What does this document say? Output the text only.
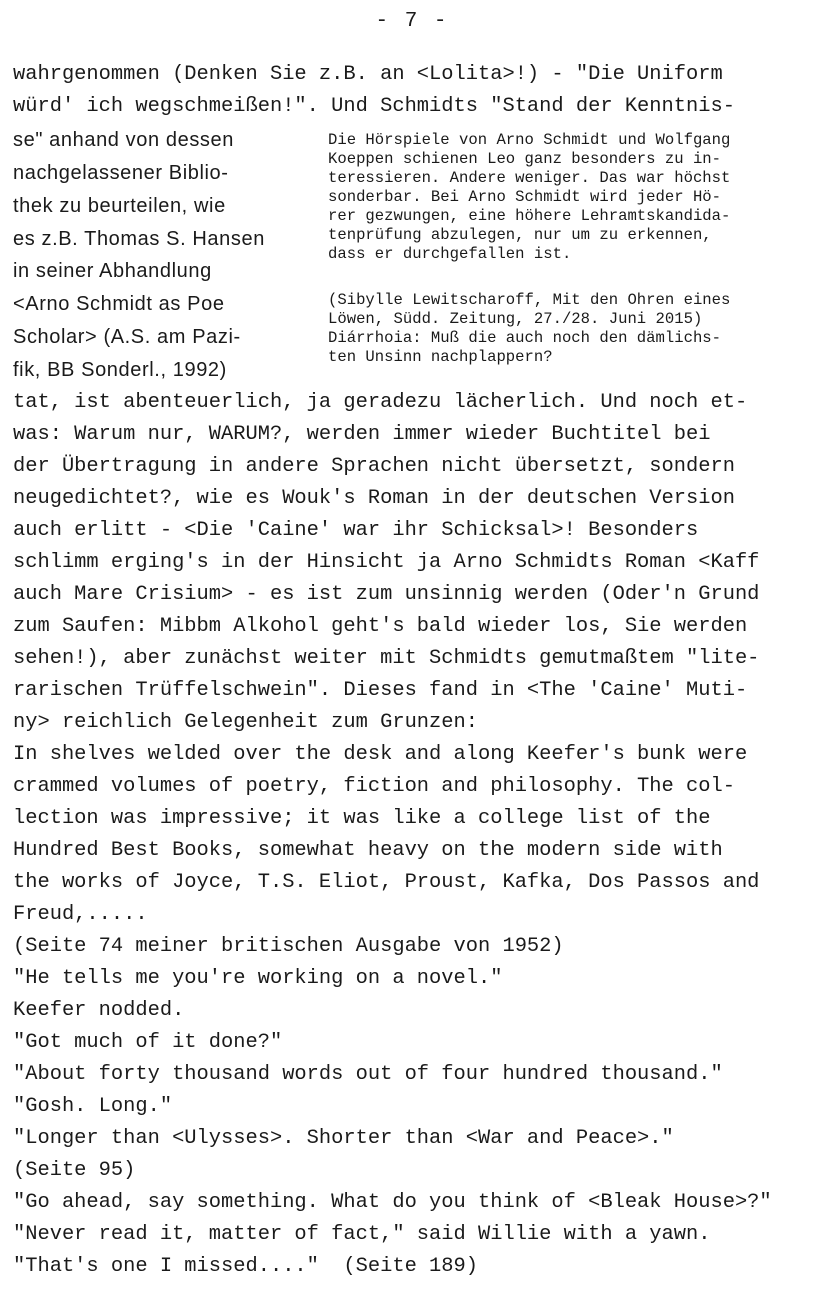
- 7 -
wahrgenommen (Denken Sie z.B. an <Lolita>!) - "Die Uniform
würd' ich wegschmeißen!". Und Schmidts "Stand der Kenntnis-
se" anhand von dessen
nachgelassener Biblio-
thek zu beurteilen, wie
es z.B. Thomas S. Hansen
in seiner Abhandlung
<Arno Schmidt as Poe
Scholar> (A.S. am Pazi-
fik, BB Sonderl., 1992)
Die Hörspiele von Arno Schmidt und Wolfgang
Koeppen schienen Leo ganz besonders zu in-
teressieren. Andere weniger. Das war höchst
sonderbar. Bei Arno Schmidt wird jeder Hö-
rer gezwungen, eine höhere Lehramtskandida-
tenprüfung abzulegen, nur um zu erkennen,
dass er durchgefallen ist.
(Sibylle Lewitscharoff, Mit den Ohren eines
Löwen, Südd. Zeitung, 27./28. Juni 2015)
Diárrhoia: Muß die auch noch den dämlichs-
ten Unsinn nachplappern?
tat, ist abenteuerlich, ja geradezu lächerlich. Und noch et-
was: Warum nur, WARUM?, werden immer wieder Buchtitel bei
der Übertragung in andere Sprachen nicht übersetzt, sondern
neugedichtet?, wie es Wouk's Roman in der deutschen Version
auch erlitt - <Die 'Caine' war ihr Schicksal>! Besonders
schlimm erging's in der Hinsicht ja Arno Schmidts Roman <Kaff
auch Mare Crisium> - es ist zum unsinnig werden (Oder'n Grund
zum Saufen: Mibbm Alkohol geht's bald wieder los, Sie werden
sehen!), aber zunächst weiter mit Schmidts gemutmaßtem "lite-
rarischen Trüffelschwein". Dieses fand in <The 'Caine' Muti-
ny> reichlich Gelegenheit zum Grunzen:
In shelves welded over the desk and along Keefer's bunk were
crammed volumes of poetry, fiction and philosophy. The col-
lection was impressive; it was like a college list of the
Hundred Best Books, somewhat heavy on the modern side with
the works of Joyce, T.S. Eliot, Proust, Kafka, Dos Passos and
Freud,.....
(Seite 74 meiner britischen Ausgabe von 1952)
"He tells me you're working on a novel."
Keefer nodded.
"Got much of it done?"
"About forty thousand words out of four hundred thousand."
"Gosh. Long."
"Longer than <Ulysses>. Shorter than <War and Peace>."
(Seite 95)
"Go ahead, say something. What do you think of <Bleak House>?"
"Never read it, matter of fact," said Willie with a yawn.
"That's one I missed...."  (Seite 189)
